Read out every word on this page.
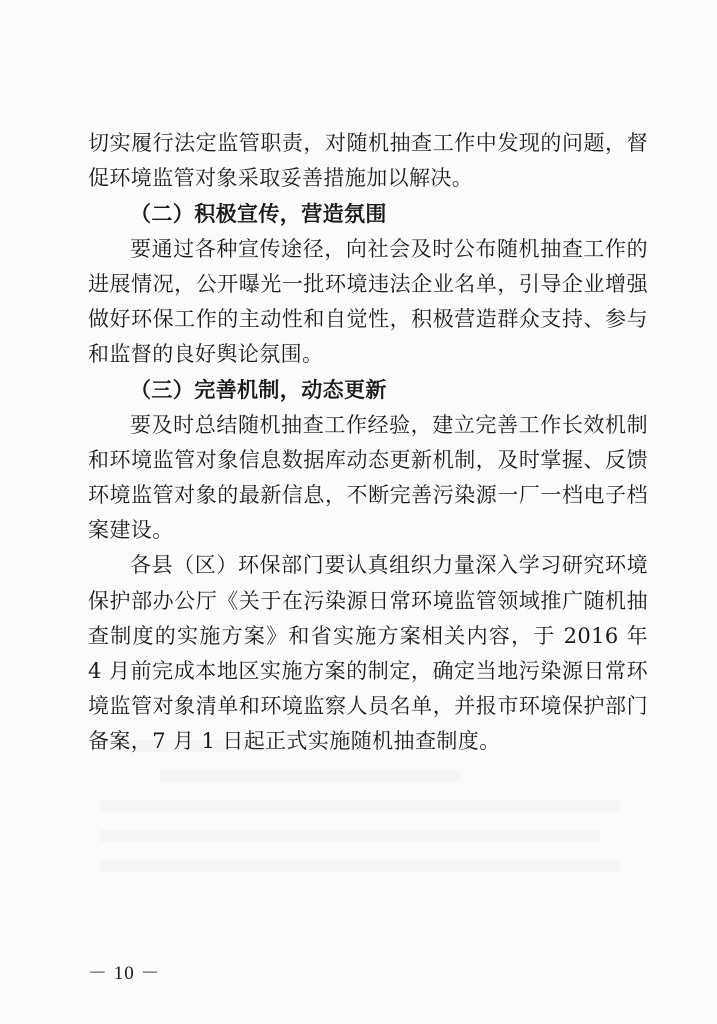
切实履行法定监管职责，对随机抽查工作中发现的问题，督促环境监管对象采取妥善措施加以解决。

（二）积极宣传，营造氛围

要通过各种宣传途径，向社会及时公布随机抽查工作的进展情况，公开曝光一批环境违法企业名单，引导企业增强做好环保工作的主动性和自觉性，积极营造群众支持、参与和监督的良好舆论氛围。

（三）完善机制，动态更新

要及时总结随机抽查工作经验，建立完善工作长效机制和环境监管对象信息数据库动态更新机制，及时掌握、反馈环境监管对象的最新信息，不断完善污染源一厂一档电子档案建设。

各县（区）环保部门要认真组织力量深入学习研究环境保护部办公厅《关于在污染源日常环境监管领域推广随机抽查制度的实施方案》和省实施方案相关内容，于 2016 年 4 月前完成本地区实施方案的制定，确定当地污染源日常环境监管对象清单和环境监察人员名单，并报市环境保护部门备案，7 月 1 日起正式实施随机抽查制度。

－ 10 －
